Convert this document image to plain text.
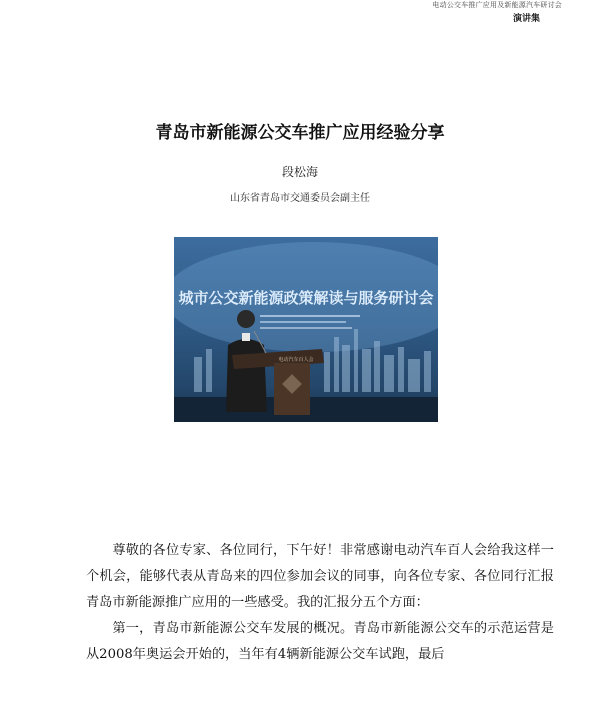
电动公交车推广应用及新能源汽车研讨会
演讲集
青岛市新能源公交车推广应用经验分享
段松海
山东省青岛市交通委员会副主任
城市公交新能源政策解读与服务研讨会
电动汽车百人会

尊敬的各位专家、各位同行，下午好！非常感谢电动汽车百人会给我这样一个机会，能够代表从青岛来的四位参加会议的同事，向各位专家、各位同行汇报青岛市新能源推广应用的一些感受。我的汇报分五个方面：

第一，青岛市新能源公交车发展的概况。青岛市新能源公交车的示范运营是从2008年奥运会开始的，当年有4辆新能源公交车试跑，最后
